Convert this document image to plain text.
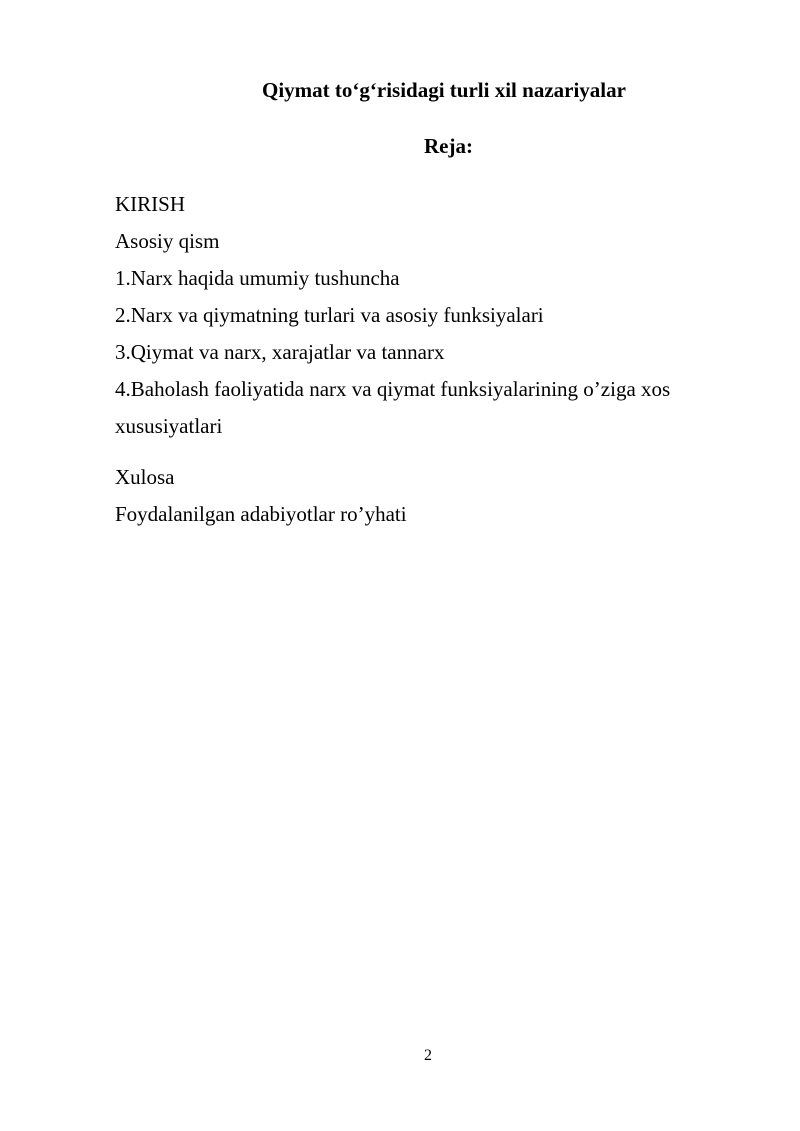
Qiymat to‘g‘risidagi turli xil nazariyalar
Reja:
KIRISH
Asosiy qism
1.Narx haqida umumiy tushuncha
2.Narx va qiymatning turlari va asosiy funksiyalari
3.Qiymat va narx, xarajatlar va tannarx
4.Baholash faoliyatida narx va qiymat funksiyalarining o’ziga xos xususiyatlari
Xulosa
Foydalanilgan adabiyotlar ro’yhati
2
